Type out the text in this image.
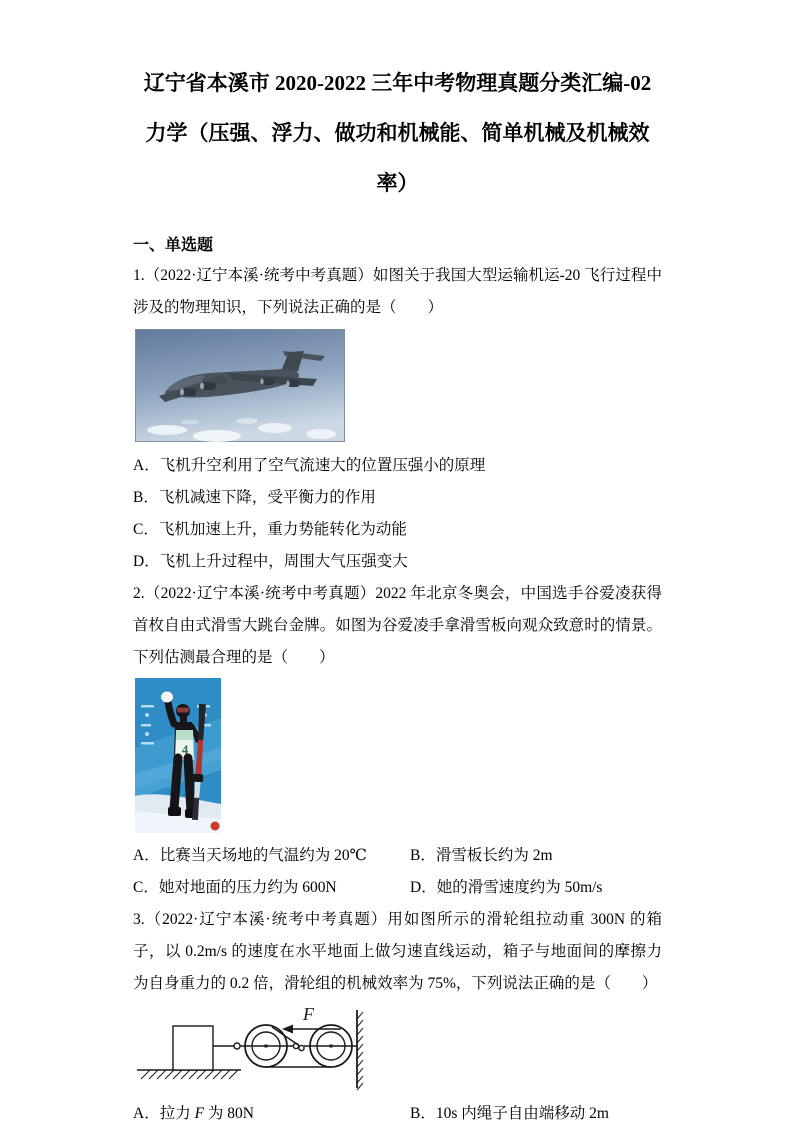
辽宁省本溪市 2020-2022 三年中考物理真题分类汇编-02 力学（压强、浮力、做功和机械能、简单机械及机械效率）
一、单选题

1.（2022·辽宁本溪·统考中考真题）如图关于我国大型运输机运-20 飞行过程中涉及的物理知识，下列说法正确的是（　　）

A．飞机升空利用了空气流速大的位置压强小的原理

B．飞机减速下降，受平衡力的作用

C．飞机加速上升，重力势能转化为动能

D．飞机上升过程中，周围大气压强变大

2.（2022·辽宁本溪·统考中考真题）2022 年北京冬奥会，中国选手谷爱凌获得首枚自由式滑雪大跳台金牌。如图为谷爱凌手拿滑雪板向观众致意时的情景。下列估测最合理的是（　　）

4

A．比赛当天场地的气温约为 20℃	B．滑雪板长约为 2m

C．她对地面的压力约为 600N	D．她的滑雪速度约为 50m/s

3.（2022·辽宁本溪·统考中考真题）用如图所示的滑轮组拉动重 300N 的箱子，以 0.2m/s 的速度在水平地面上做匀速直线运动，箱子与地面间的摩擦力为自身重力的 0.2 倍，滑轮组的机械效率为 75%，下列说法正确的是（　　）

F

A．拉力 F 为 80N	B．10s 内绳子自由端移动 2m
